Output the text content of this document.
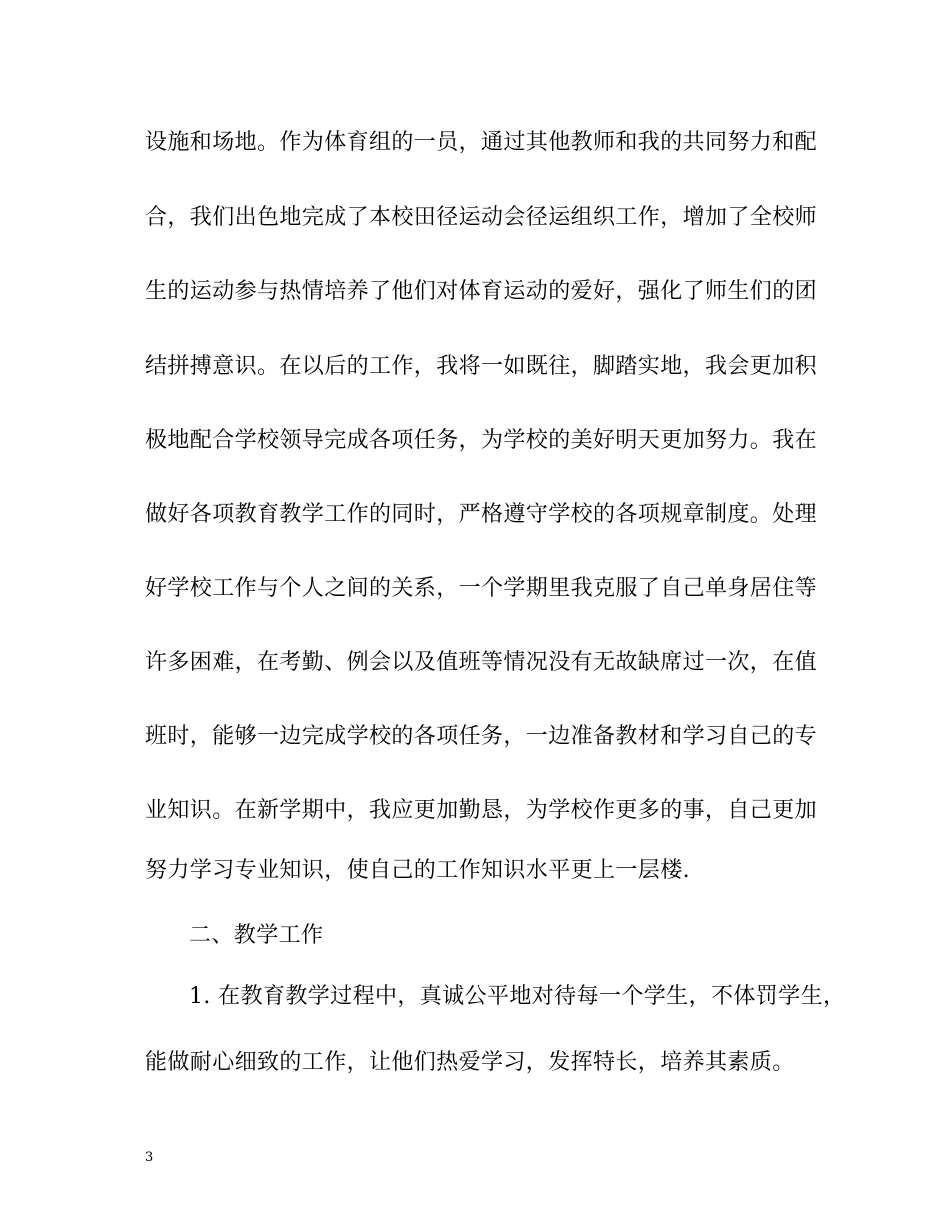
设施和场地。作为体育组的一员，通过其他教师和我的共同努力和配
合，我们出色地完成了本校田径运动会径运组织工作，增加了全校师
生的运动参与热情培养了他们对体育运动的爱好，强化了师生们的团
结拼搏意识。在以后的工作，我将一如既往，脚踏实地，我会更加积
极地配合学校领导完成各项任务，为学校的美好明天更加努力。我在
做好各项教育教学工作的同时，严格遵守学校的各项规章制度。处理
好学校工作与个人之间的关系，一个学期里我克服了自己单身居住等
许多困难，在考勤、例会以及值班等情况没有无故缺席过一次，在值
班时，能够一边完成学校的各项任务，一边准备教材和学习自己的专
业知识。在新学期中，我应更加勤恳，为学校作更多的事，自己更加
努力学习专业知识，使自己的工作知识水平更上一层楼.
二、教学工作
1. 在教育教学过程中，真诚公平地对待每一个学生，不体罚学生，
能做耐心细致的工作，让他们热爱学习，发挥特长，培养其素质。
3
